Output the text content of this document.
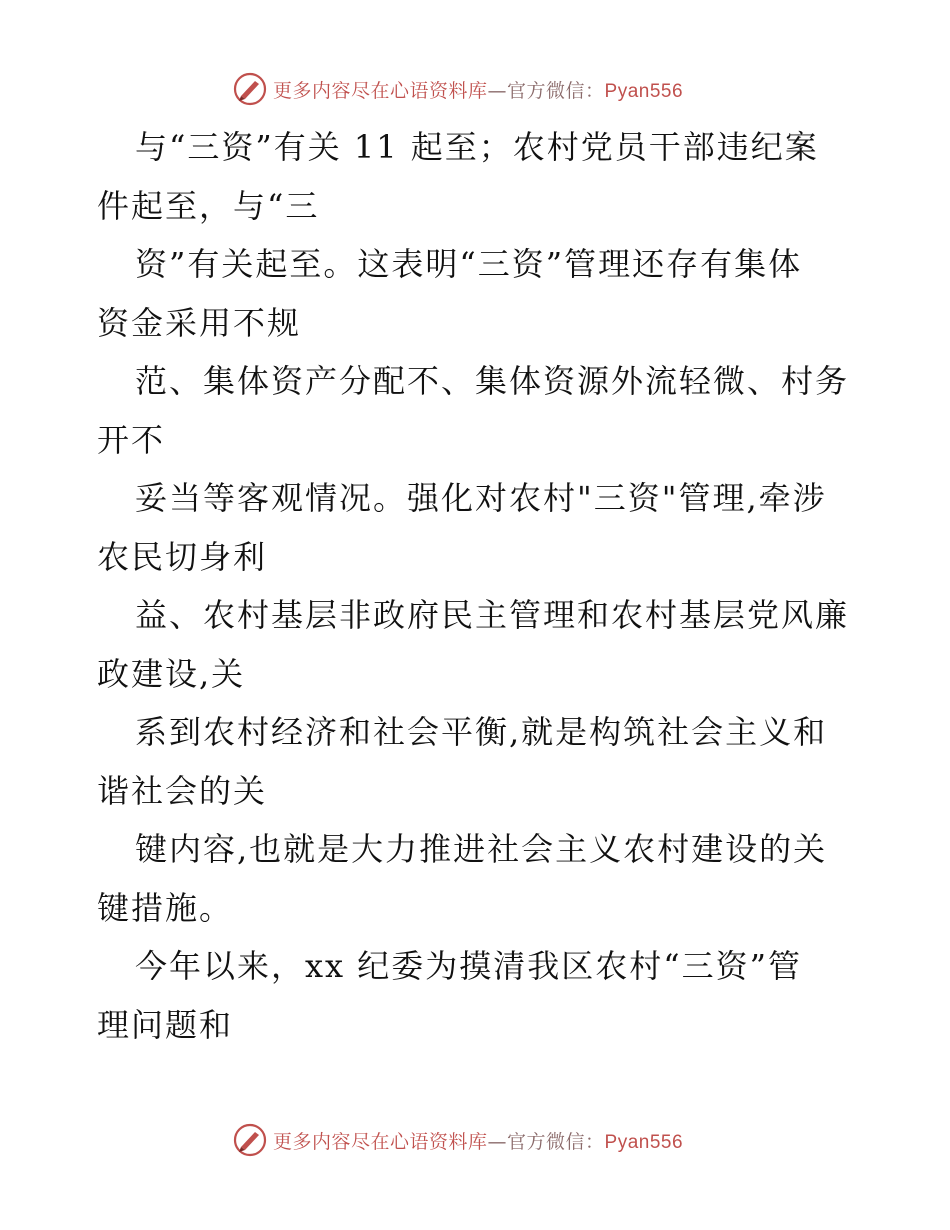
更多内容尽在心语资料库—官方微信：Pyan556

与“三资”有关 11 起至；农村党员干部违纪案

件起至，与“三

资”有关起至。这表明“三资”管理还存有集体

资金采用不规

范、集体资产分配不、集体资源外流轻微、村务

开不

妥当等客观情况。强化对农村"三资"管理,牵涉

农民切身利

益、农村基层非政府民主管理和农村基层党风廉

政建设,关

系到农村经济和社会平衡,就是构筑社会主义和

谐社会的关

键内容,也就是大力推进社会主义农村建设的关

键措施。

今年以来，xx 纪委为摸清我区农村“三资”管

理问题和

更多内容尽在心语资料库—官方微信：Pyan556
